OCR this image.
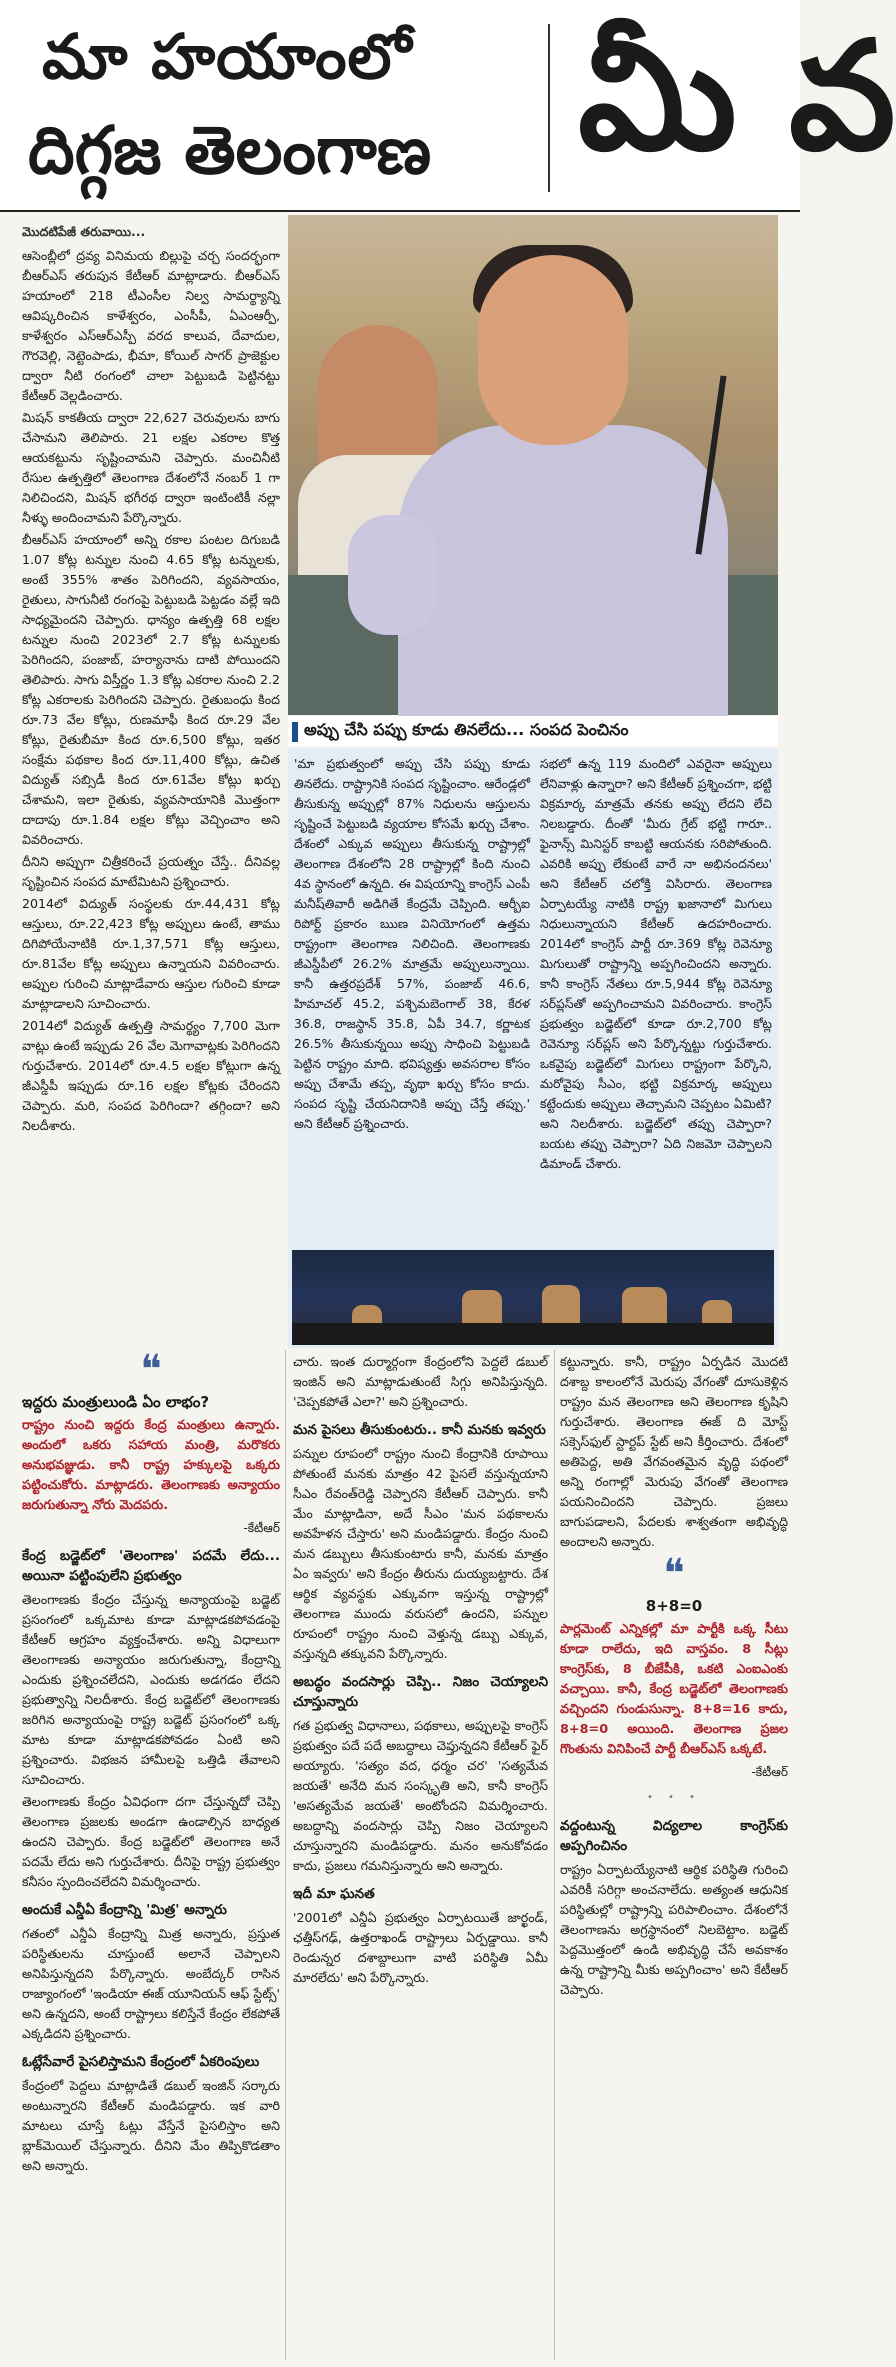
మా హయాంలో
దిగ్గజ తెలంగాణ మీ వ

మొదటిపేజీ తరువాయి...

ఆసెంబ్లీలో ద్రవ్య వినిమయ బిల్లుపై చర్చ సందర్భంగా బీఆర్‌ఎస్ తరుపున కేటీఆర్ మాట్లాడారు. బీఆర్‌ఎస్ హయాంలో 218 టీఎంసీల నిల్వ సామర్థ్యాన్ని ఆవిష్కరించిన కాళేశ్వరం, ఎంసీపీ, ఏఎంఆర్పీ, కాళేశ్వరం ఎస్ఆర్ఎస్పీ వరద కాలువ, దేవాదుల, గౌరవెల్లి, నెట్టెంపాడు, భీమా, కోయిల్ సాగర్ ప్రాజెక్టుల ద్వారా నీటి రంగంలో చాలా పెట్టుబడి పెట్టినట్టు కేటీఆర్ వెల్లడించారు.

మిషన్ కాకతీయ ద్వారా 22,627 చెరువులను బాగు చేసామని తెలిపారు. 21 లక్షల ఎకరాల కొత్త ఆయకట్టును సృష్టించామని చెప్పారు. మంచినీటి రేసుల ఉత్పత్తిలో తెలంగాణ దేశంలోనే నంబర్ 1 గా నిలిచిందని, మిషన్ భగీరథ ద్వారా ఇంటింటికీ నల్లా నీళ్ళు అందించామని పేర్కొన్నారు.

బీఆర్‌ఎస్ హయాంలో అన్ని రకాల పంటల దిగుబడి 1.07 కోట్ల టన్నుల నుంచి 4.65 కోట్ల టన్నులకు, అంటే 355% శాతం పెరిగిందని, వ్యవసాయం, రైతులు, సాగునీటి రంగంపై పెట్టుబడి పెట్టడం వల్లే ఇది సాధ్యమైందని చెప్పారు. ధాన్యం ఉత్పత్తి 68 లక్షల టన్నుల నుంచి 2023లో 2.7 కోట్ల టన్నులకు పెరిగిందని, పంజాబ్, హర్యానాను దాటి పోయిందని తెలిపారు. సాగు విస్తీర్ణం 1.3 కోట్ల ఎకరాల నుంచి 2.2 కోట్ల ఎకరాలకు పెరిగిందని చెప్పారు. రైతుబంధు కింద రూ.73 వేల కోట్లు, రుణమాఫీ కింద రూ.29 వేల కోట్లు, రైతుబీమా కింద రూ.6,500 కోట్లు, ఇతర సంక్షేమ పథకాల కింద రూ.11,400 కోట్లు, ఉచిత విద్యుత్ సబ్సిడీ కింద రూ.61వేల కోట్లు ఖర్చు చేశామని, ఇలా రైతుకు, వ్యవసాయానికి మొత్తంగా దాదాపు రూ.1.84 లక్షల కోట్లు వెచ్చించాం అని వివరించారు.

దీనిని అప్పుగా చిత్రీకరించే ప్రయత్నం చేస్తే.. దీనివల్ల సృష్టించిన సంపద మాటేమిటని ప్రశ్నించారు.

2014లో విద్యుత్ సంస్థలకు రూ.44,431 కోట్ల ఆస్తులు, రూ.22,423 కోట్ల అప్పులు ఉంటే, తాము దిగిపోయేనాటికి రూ.1,37,571 కోట్ల ఆస్తులు, రూ.81వేల కోట్ల అప్పులు ఉన్నాయని వివరించారు. అప్పుల గురించి మాట్లాడేవారు ఆస్తుల గురించి కూడా మాట్లాడాలని సూచించారు.

2014లో విద్యుత్ ఉత్పత్తి సామర్థ్యం 7,700 మెగా వాట్లు ఉంటే ఇప్పుడు 26 వేల మెగావాట్లకు పెరిగిందని గుర్తుచేశారు. 2014లో రూ.4.5 లక్షల కోట్లుగా ఉన్న జీఎస్డీపీ ఇప్పుడు రూ.16 లక్షల కోట్లకు చేరిందని చెప్పారు. మరి, సంపద పెరిగిందా? తగ్గిందా? అని నిలదీశారు.

అప్పు చేసి పప్పు కూడు తినలేదు... సంపద పెంచినం
'మా ప్రభుత్వంలో అప్పు చేసి పప్పు కూడు తినలేదు. రాష్ట్రానికి సంపద సృష్టించాం. ఆరేండ్లలో తీసుకున్న అప్పుల్లో 87% నిధులను ఆస్తులను సృష్టించే పెట్టుబడి వ్యయాల కోసమే ఖర్చు చేశాం. దేశంలో ఎక్కువ అప్పులు తీసుకున్న రాష్ట్రాల్లో తెలంగాణ దేశంలోని 28 రాష్ట్రాల్లో కింది నుంచి 4వ స్థానంలో ఉన్నది. ఈ విషయాన్ని కాంగ్రెస్ ఎంపీ మనీష్‌తివారీ అడిగితే కేంద్రమే చెప్పింది. ఆర్బీఐ రిపోర్ట్ ప్రకారం ఋణ వినియోగంలో ఉత్తమ రాష్ట్రంగా తెలంగాణ నిలిచింది. తెలంగాణకు జీఎస్డీపీలో 26.2% మాత్రమే అప్పులున్నాయి. కానీ ఉత్తరప్రదేశ్ 57%, పంజాబ్ 46.6, హిమాచల్ 45.2, పశ్చిమబెంగాల్ 38, కేరళ 36.8, రాజస్థాన్ 35.8, ఏపీ 34.7, కర్ణాటక 26.5% తీసుకున్నయి అప్పు సాధించి పెట్టుబడి పెట్టిన రాష్ట్రం మాది. భవిష్యత్తు అవసరాల కోసం అప్పు చేశామే తప్ప, వృథా ఖర్చు కోసం కాదు. సంపద సృష్టి చేయనిదానికి అప్పు చేస్తే తప్పు.' అని కేటీఆర్ ప్రశ్నించారు.
సభలో ఉన్న 119 మందిలో ఎవరైనా అప్పులు లేనివాళ్లు ఉన్నారా? అని కేటీఆర్ ప్రశ్నించగా, భట్టి విక్రమార్క మాత్రమే తనకు అప్పు లేదని లేచి నిలబడ్డారు. దీంతో 'మీరు గ్రేట్ భట్టి గారూ.. ఫైనాన్స్ మినిస్టర్ కాబట్టి ఆయనకు సరిపోతుంది. ఎవరికి అప్పు లేకుంటే వారే నా అభినందనలు' అని కేటీఆర్ చలోక్తి విసిరారు. తెలంగాణ ఏర్పాటయ్యే నాటికి రాష్ట్ర ఖజానాలో మిగులు నిధులున్నాయని కేటీఆర్ ఉదహరించారు. 2014లో కాంగ్రెస్ పార్టీ రూ.369 కోట్ల రెవెన్యూ మిగులుతో రాష్ట్రాన్ని అప్పగించిందని అన్నారు. కానీ కాంగ్రెస్ నేతలు రూ.5,944 కోట్ల రెవెన్యూ సర్‌ప్లస్‌తో అప్పగించామని వివరించారు. కాంగ్రెస్ ప్రభుత్వం బడ్జెట్‌లో కూడా రూ.2,700 కోట్ల రెవెన్యూ సర్‌ప్లస్ అని పేర్కొన్నట్టు గుర్తుచేశారు. ఒకవైపు బడ్జెట్‌లో మిగులు రాష్ట్రంగా పేర్కొని, మరోవైపు సీఎం, భట్టి విక్రమార్క అప్పులు కట్టేందుకు అప్పులు తెచ్చామని చెప్పటం ఏమిటి? అని నిలదీశారు. బడ్జెట్‌లో తప్పు చెప్పారా? బయట తప్పు చెప్పారా? ఏది నిజమో చెప్పాలని డిమాండ్ చేశారు.
❝
ఇద్దరు మంత్రులుండి ఏం లాభం?
రాష్ట్రం నుంచి ఇద్దరు కేంద్ర మంత్రులు ఉన్నారు. అందులో ఒకరు సహాయ మంత్రి, మరొకరు అనుభవజ్ఞుడు. కానీ రాష్ట్ర హక్కులపై ఒక్కరు పట్టించుకోరు. మాట్లాడరు. తెలంగాణకు అన్యాయం జరుగుతున్నా నోరు మెదపరు.
-కేటీఆర్
కేంద్ర బడ్జెట్‌లో 'తెలంగాణ' పదమే లేదు... అయినా పట్టింపులేని ప్రభుత్వం

తెలంగాణకు కేంద్రం చేస్తున్న అన్యాయంపై బడ్జెట్ ప్రసంగంలో ఒక్కమాట కూడా మాట్లాడకపోవడంపై కేటీఆర్ ఆగ్రహం వ్యక్తంచేశారు. అన్ని విధాలుగా తెలంగాణకు అన్యాయం జరుగుతున్నా, కేంద్రాన్ని ఎందుకు ప్రశ్నించలేదని, ఎందుకు అడగడం లేదని ప్రభుత్వాన్ని నిలదీశారు. కేంద్ర బడ్జెట్‌లో తెలంగాణకు జరిగిన అన్యాయంపై రాష్ట్ర బడ్జెట్ ప్రసంగంలో ఒక్క మాట కూడా మాట్లాడకపోవడం ఏంటి అని ప్రశ్నించారు. విభజన హామీలపై ఒత్తిడి తేవాలని సూచించారు.

తెలంగాణకు కేంద్రం ఏవిధంగా దగా చేస్తున్నదో చెప్పి తెలంగాణ ప్రజలకు అండగా ఉండాల్సిన బాధ్యత ఉందని చెప్పారు. కేంద్ర బడ్జెట్‌లో తెలంగాణ అనే పదమే లేదు అని గుర్తుచేశారు. దీనిపై రాష్ట్ర ప్రభుత్వం కనీసం స్పందించలేదని విమర్శించారు.

అందుకే ఎన్డీఏ కేంద్రాన్ని 'మిత్ర' అన్నారు

గతంలో ఎన్డీఏ కేంద్రాన్ని మిత్ర అన్నారు, ప్రస్తుత పరిస్థితులను చూస్తుంటే అలానే చెప్పాలని అనిపిస్తున్నదని పేర్కొన్నారు. అంబేద్కర్ రాసిన రాజ్యాంగంలో 'ఇండియా ఈజ్ యూనియన్ ఆఫ్ స్టేట్స్' అని ఉన్నదని, అంటే రాష్ట్రాలు కలిస్తేనే కేంద్రం లేకపోతే ఎక్కడిదని ప్రశ్నించారు.

ఓట్లేసేవారే పైసలిస్తామని కేంద్రంలో ఏకరింపులు

కేంద్రంలో పెద్దలు మాట్లాడితే డబుల్ ఇంజిన్ సర్కారు అంటున్నారని కేటీఆర్ మండిపడ్డారు. ఇక వారి మాటలు చూస్తే ఓట్లు వేస్తేనే పైసలిస్తాం అని బ్లాక్‌మెయిల్ చేస్తున్నారు. దీనిని మేం తిప్పికొడతాం అని అన్నారు.

చారు. ఇంత దుర్మార్గంగా కేంద్రంలోని పెద్దలే డబుల్ ఇంజిన్ అని మాట్లాడుతుంటే సిగ్గు అనిపిస్తున్నది. 'చెప్పకపోతే ఎలా?' అని ప్రశ్నించారు.

మన పైసలు తీసుకుంటరు.. కానీ మనకు ఇవ్వరు

పన్నుల రూపంలో రాష్ట్రం నుంచి కేంద్రానికి రూపాయి పోతుంటే మనకు మాత్రం 42 పైసలే వస్తున్నయాని సీఎం రేవంత్‌రెడ్డి చెప్పారని కేటీఆర్ చెప్పారు. కానీ మేం మాట్లాడినా, అదే సీఎం 'మన పథకాలను అవహేళన చేస్తారు' అని మండిపడ్డారు. కేంద్రం నుంచి మన డబ్బులు తీసుకుంటారు కానీ, మనకు మాత్రం ఏం ఇవ్వరు' అని కేంద్రం తీరును దుయ్యబట్టారు. దేశ ఆర్థిక వ్యవస్థకు ఎక్కువగా ఇస్తున్న రాష్ట్రాల్లో తెలంగాణ ముందు వరుసలో ఉందని, పన్నుల రూపంలో రాష్ట్రం నుంచి వెళ్తున్న డబ్బు ఎక్కువ, వస్తున్నది తక్కువని పేర్కొన్నారు.

అబద్ధం వందసార్లు చెప్పి.. నిజం చెయ్యాలని చూస్తున్నారు

గత ప్రభుత్వ విధానాలు, పథకాలు, అప్పులపై కాంగ్రెస్ ప్రభుత్వం పదే పదే అబద్ధాలు చెప్తున్నదని కేటీఆర్ ఫైర్ అయ్యారు. 'సత్యం వద, ధర్మం చర' 'సత్యమేవ జయతే' అనేది మన సంస్కృతి అని, కానీ కాంగ్రెస్ 'అసత్యమేవ జయతే' అంటోందని విమర్శించారు. అబద్ధాన్ని వందసార్లు చెప్పి నిజం చెయ్యాలని చూస్తున్నారని మండిపడ్డారు. మనం అనుకోవడం కాదు, ప్రజలు గమనిస్తున్నారు అని అన్నారు.

ఇదీ మా ఘనత

'2001లో ఎన్డీఏ ప్రభుత్వం ఏర్పాటయితే జార్ఖండ్, ఛత్తీస్‌గఢ్, ఉత్తరాఖండ్ రాష్ట్రాలు ఏర్పడ్డాయి. కానీ రెండున్నర దశాబ్దాలుగా వాటి పరిస్థితి ఏమీ మారలేదు' అని పేర్కొన్నారు.

కట్టున్నారు. కానీ, రాష్ట్రం ఏర్పడిన మొదటి దశాబ్ద కాలంలోనే మెరుపు వేగంతో దూసుకెళ్లిన రాష్ట్రం మన తెలంగాణ అని తెలంగాణ కృషిని గుర్తుచేశారు. తెలంగాణ ఈజ్ ది మోస్ట్ సక్సెస్‌ఫుల్ స్టార్టప్ స్టేట్ అని కీర్తించారు. దేశంలో అతిపెద్ద, అతి వేగవంతమైన వృద్ధి పథంలో అన్ని రంగాల్లో మెరుపు వేగంతో తెలంగాణ పయనించిందని చెప్పారు. ప్రజలు బాగుపడాలని, పేదలకు శాశ్వతంగా అభివృద్ధి అందాలని అన్నారు.

❝
8+8=0
పార్లమెంట్ ఎన్నికల్లో మా పార్టీకి ఒక్క సీటు కూడా రాలేదు, ఇది వాస్తవం. 8 సీట్లు కాంగ్రెస్‌కు, 8 బీజేపీకి, ఒకటి ఎంఐఎంకు వచ్చాయి. కానీ, కేంద్ర బడ్జెట్‌లో తెలంగాణకు వచ్చిందని గుండుసున్నా. 8+8=16 కాదు, 8+8=0 అయింది. తెలంగాణ ప్రజల గొంతును వినిపించే పార్టీ బీఆర్‌ఎస్ ఒక్కటే.
-కేటీఆర్
• • •
వద్దంటున్న విద్యలాల కాంగ్రెస్‌కు అప్పగించినం

రాష్ట్రం ఏర్పాటయ్యేనాటి ఆర్థిక పరిస్థితి గురించి ఎవరికీ సరిగ్గా అంచనాలేదు. అత్యంత ఆధునిక పరిస్థితుల్లో రాష్ట్రాన్ని పరిపాలించాం. దేశంలోనే తెలంగాణను అగ్రస్థానంలో నిలబెట్టాం. బడ్జెట్ పెద్దమొత్తంలో ఉండి అభివృద్ధి చేసే అవకాశం ఉన్న రాష్ట్రాన్ని మీకు అప్పగించాం' అని కేటీఆర్ చెప్పారు.
